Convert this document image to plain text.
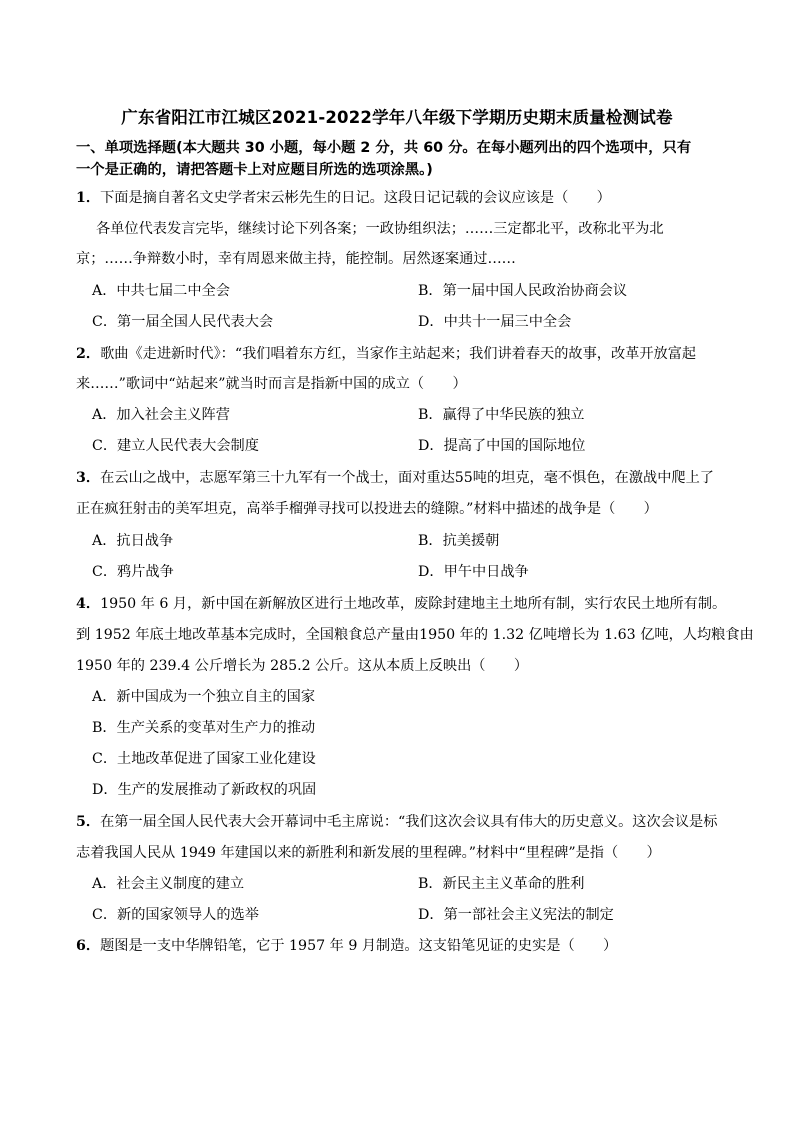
广东省阳江市江城区2021-2022学年八年级下学期历史期末质量检测试卷
一、单项选择题(本大题共 30 小题，每小题 2 分，共 60 分。在每小题列出的四个选项中，只有
一个是正确的，请把答题卡上对应题目所选的选项涂黑。)
1．下面是摘自著名文史学者宋云彬先生的日记。这段日记记载的会议应该是（　　）
各单位代表发言完毕，继续讨论下列各案；一政协组织法；……三定都北平，改称北平为北
京；……争辩数小时，幸有周恩来做主持，能控制。居然逐案通过……
A．中共七届二中全会	B．第一届中国人民政治协商会议
C．第一届全国人民代表大会	D．中共十一届三中全会
2．歌曲《走进新时代》：“我们唱着东方红，当家作主站起来；我们讲着春天的故事，改革开放富起
来……”歌词中“站起来”就当时而言是指新中国的成立（　　）
A．加入社会主义阵营	B．赢得了中华民族的独立
C．建立人民代表大会制度	D．提高了中国的国际地位
3．在云山之战中，志愿军第三十九军有一个战士，面对重达55吨的坦克，毫不惧色，在激战中爬上了
正在疯狂射击的美军坦克，高举手榴弹寻找可以投进去的缝隙。”材料中描述的战争是（　　）
A．抗日战争	B．抗美援朝
C．鸦片战争	D．甲午中日战争
4．1950 年 6 月，新中国在新解放区进行土地改革，废除封建地主土地所有制，实行农民土地所有制。
到 1952 年底土地改革基本完成时，全国粮食总产量由1950 年的 1.32 亿吨增长为 1.63 亿吨，人均粮食由
1950 年的 239.4 公斤增长为 285.2 公斤。这从本质上反映出（　　）
A．新中国成为一个独立自主的国家
B．生产关系的变革对生产力的推动
C．土地改革促进了国家工业化建设
D．生产的发展推动了新政权的巩固
5．在第一届全国人民代表大会开幕词中毛主席说：“我们这次会议具有伟大的历史意义。这次会议是标
志着我国人民从 1949 年建国以来的新胜利和新发展的里程碑。”材料中“里程碑”是指（　　）
A．社会主义制度的建立	B．新民主主义革命的胜利
C．新的国家领导人的选举	D．第一部社会主义宪法的制定
6．题图是一支中华牌铅笔，它于 1957 年 9 月制造。这支铅笔见证的史实是（　　）
